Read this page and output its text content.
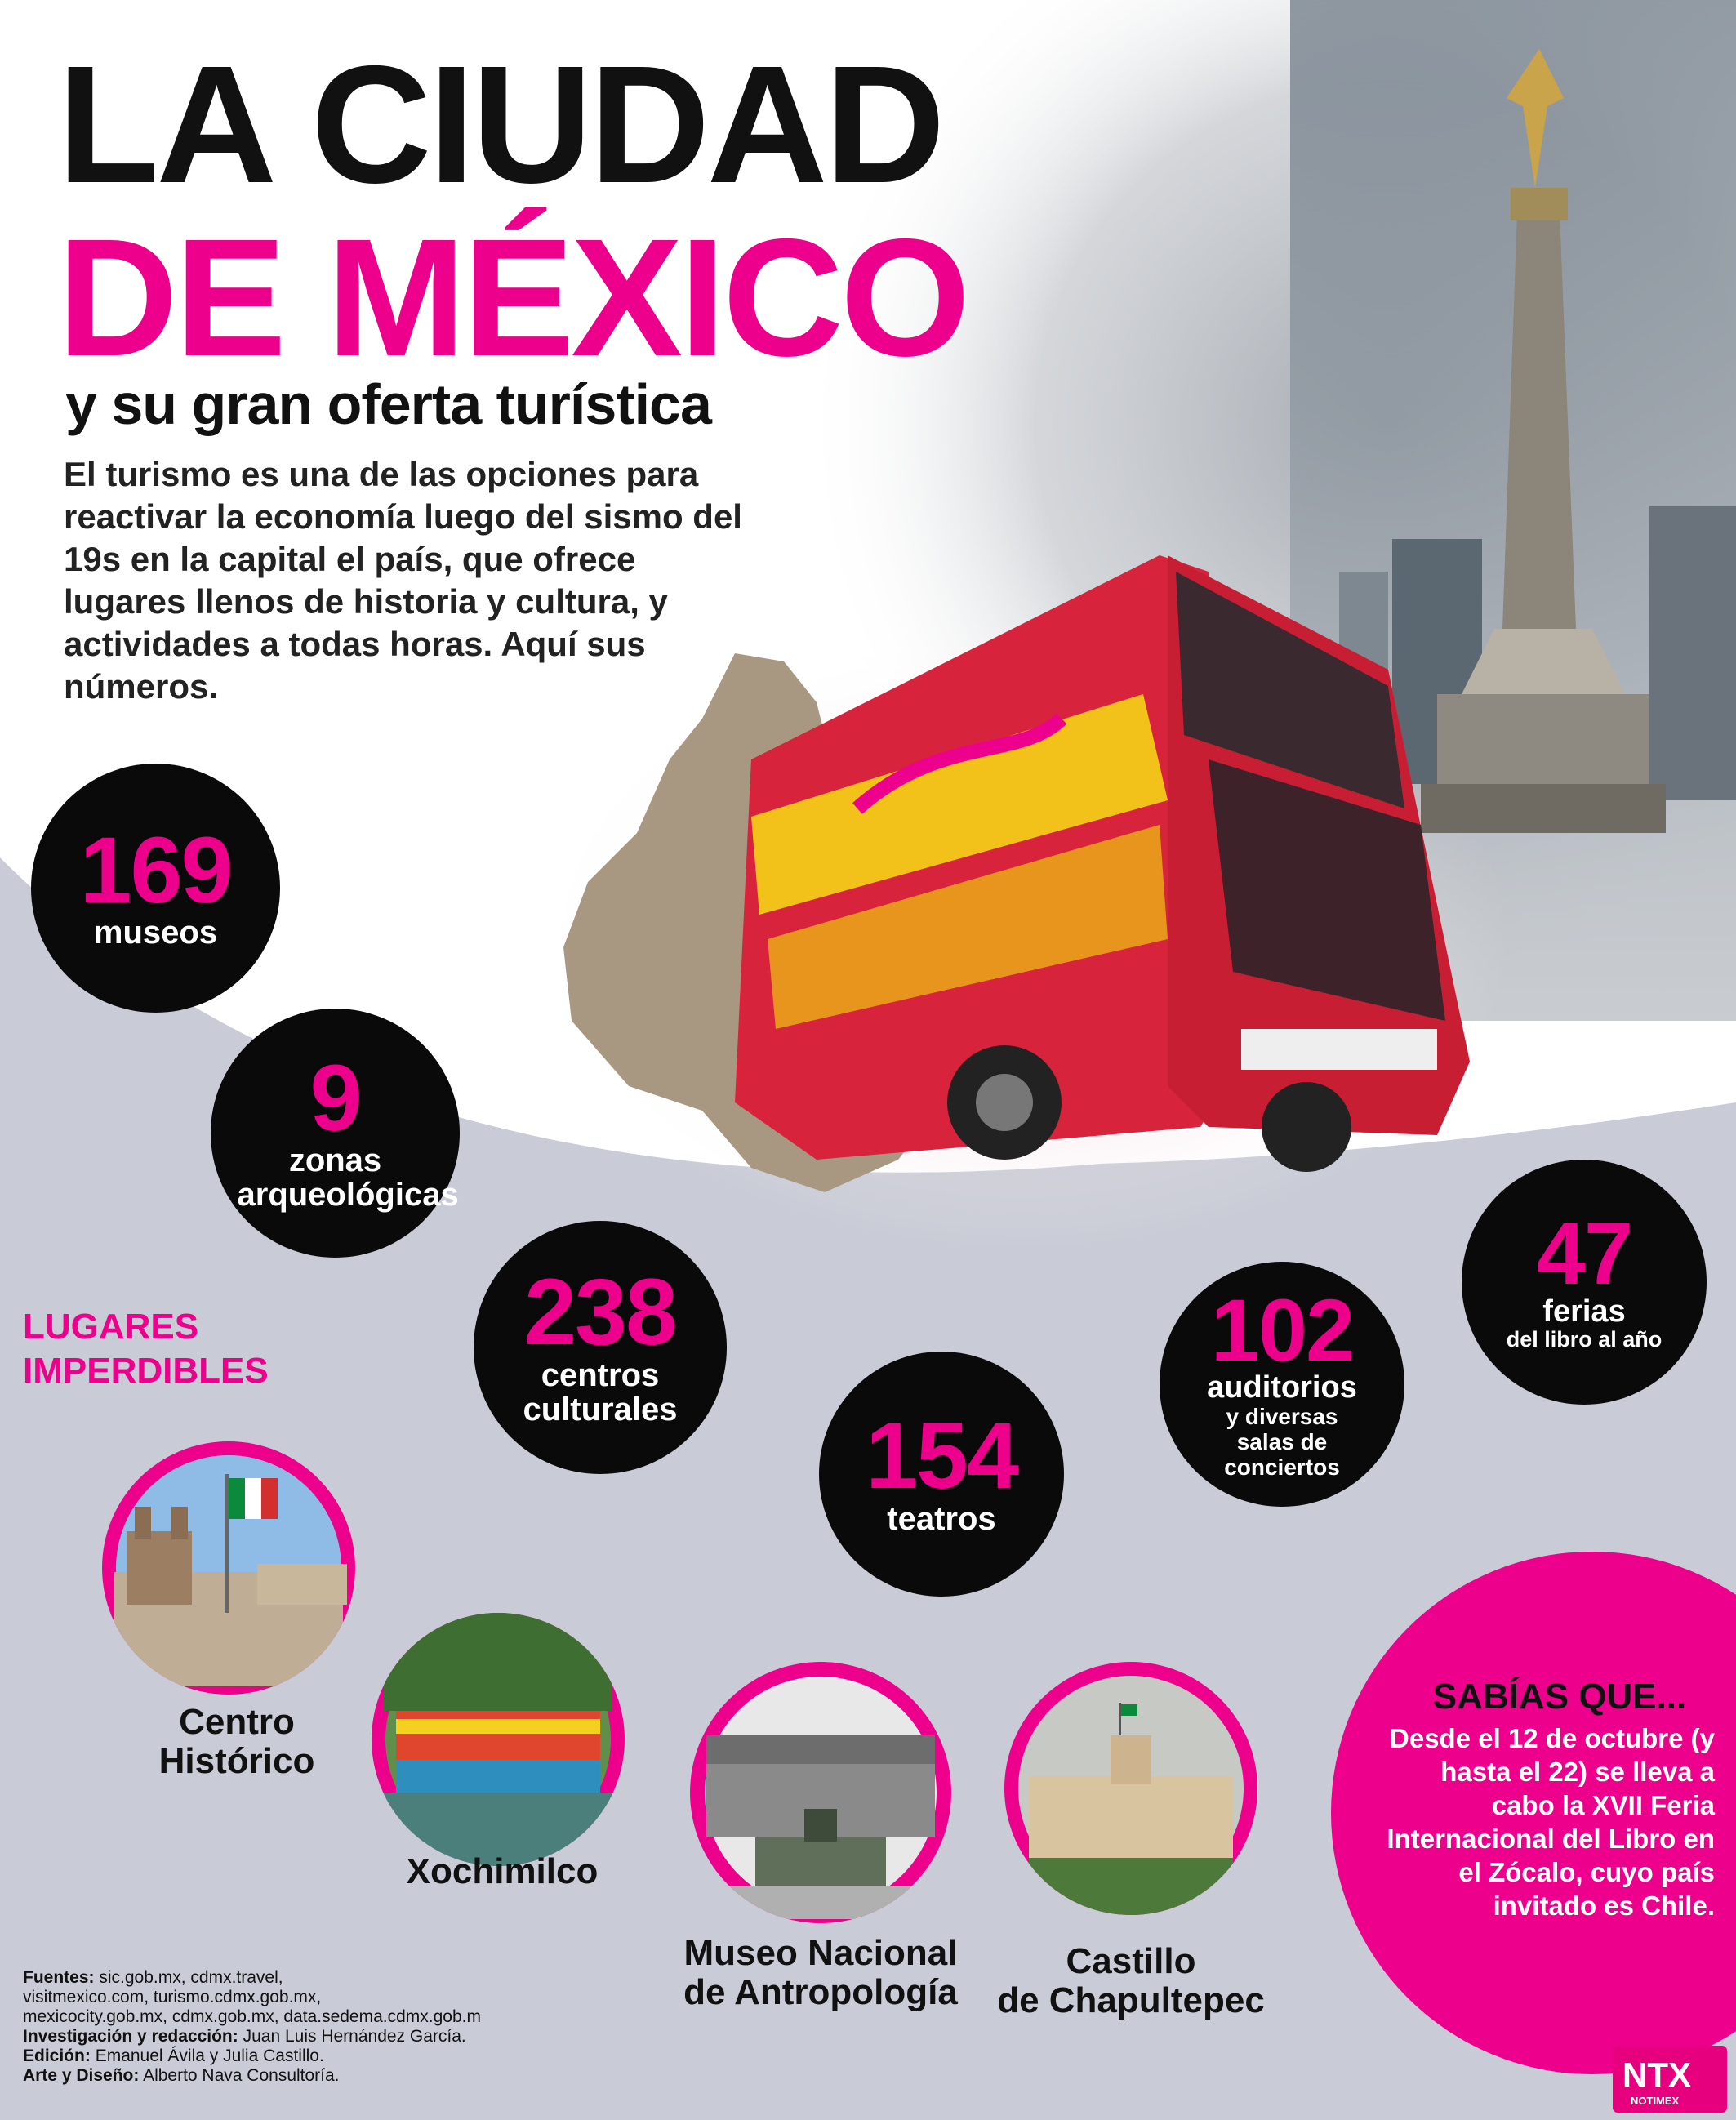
LA CIUDAD
DE MÉXICO
y su gran oferta turística

El turismo es una de las opciones para reactivar la economía luego del sismo del 19s en la capital el país, que ofrece lugares llenos de historia y cultura, y actividades a todas horas. Aquí sus números.

169
museos
9
zonas arqueológicas
238
centros culturales 154
teatros
102
auditorios
y diversas salas de conciertos
47
ferias
del libro al año
LUGARES IMPERDIBLES
Centro
Histórico
Xochimilco
Museo Nacional
de Antropología
Castillo
de Chapultepec
SABÍAS QUE...

Desde el 12 de octubre (y hasta el 22) se lleva a cabo la XVII Feria Internacional del Libro en el Zócalo, cuyo país invitado es Chile.

Fuentes: sic.gob.mx, cdmx.travel,
visitmexico.com, turismo.cdmx.gob.mx,
mexicocity.gob.mx, cdmx.gob.mx, data.sedema.cdmx.gob.m
Investigación y redacción: Juan Luis Hernández García.
Edición: Emanuel Ávila y Julia Castillo.
Arte y Diseño: Alberto Nava Consultoría.	NTX
NOTIMEX
